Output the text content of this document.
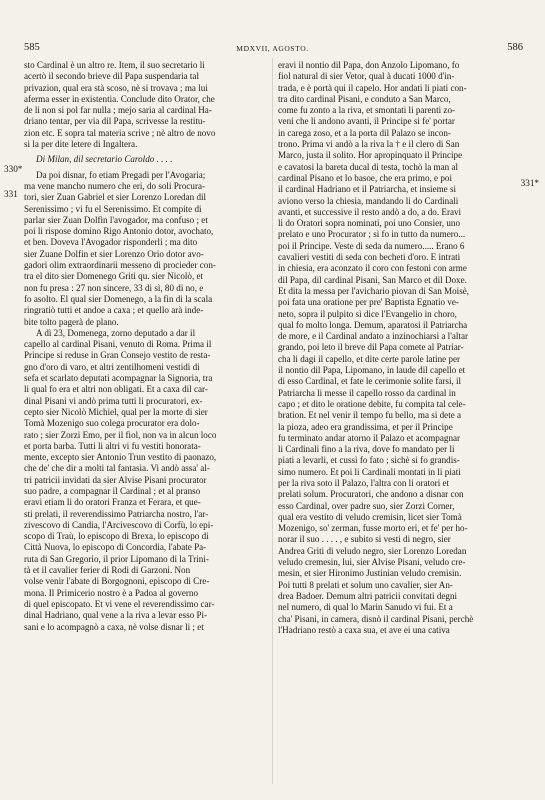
585	MDXVII, AGOSTO.	586
330*
331
331*
sto Cardinal è un altro re. Item, il suo secretario li
acertò il secondo brieve dil Papa suspendaria tal
privazion, qual era stà scoso, nè si trovava ; ma lui
aferma esser in existentia. Conclude dito Orator, che
de li non si pol far nulla ; mejo saria al cardinal Ha-
driano tentar, per via dil Papa, scrivesse la restitu-
zion etc. E sopra tal materia scrive ; nè altro de novo
si la per dite letere di Ingaltera.
Di Milan, dil secretario Caroldo . . . .
Da poi disnar, fo etiam Pregadi per l'Avogaria;
ma vene mancho numero che eri, do soli Procura-
tori, sier Zuan Gabriel et sier Lorenzo Loredan dil
Serenissimo ; vi fu el Serenissimo. Et compite di
parlar sier Zuan Dolfin l'avogador, ma confuso ; et
poi li rispose domino Rigo Antonio dotor, avochato,
et ben. Doveva l'Avogador risponderli ; ma dito
sier Zuane Dolfin et sier Lorenzo Orio dotor avo-
gadori olim extraordinarii messeno di procieder con-
tra el dito sier Domenego Griti qu. sier Nicolò, et
non fu presa : 27 non sincere, 33 di sì, 80 di no, e
fo asolto. El qual sier Domenego, a la fin di la scala
ringratiò tutti et andoe a caxa ; et quello arà inde-
bite tolto pagerà de plano.
A dì 23, Domenega, zorno deputado a dar il
capello al cardinal Pisani, venuto di Roma. Prima il
Principe si reduse in Gran Consejo vestito de resta-
gno d'oro di varo, et altri zentilhomeni vestidi di
sefa et scarlato deputati acompagnar la Signoria, tra
li qual fo era et altri non obligati. Et a caxa dil car-
dinal Pisani vi andò prima tutti li procuratori, ex-
cepto sier Nicolò Michiel, qual per la morte di sier
Tomà Mozenigo suo colega procurator era dolo-
rato ; sier Zorzi Emo, per il fiol, non va in alcun loco
et porta barba. Tutti li altri vi fu vestiti honorata-
mente, excepto sier Antonio Trun vestito di paonazo,
che de' che dir a molti tal fantasia. Vi andò assa' al-
tri patricii invidati da sier Alvise Pisani procurator
suo padre, a compagnar il Cardinal ; et al pranso
eravi etiam li do oratori Franza et Ferara, et que-
sti prelati, il reverendissimo Patriarcha nostro, l'ar-
zivescovo di Candia, l'Arcivescovo di Corfù, lo epi-
scopo di Traù, lo episcopo di Brexa, lo episcopo di
Città Nuova, lo episcopo di Concordia, l'abate Pa-
ruta di San Gregorio, il prior Lipomano di la Trini-
tà et il cavalier ferier di Rodi di Garzoni. Non
volse venir l'abate di Borgognoni, episcopo di Cre-
mona. Il Primicerio nostro è a Padoa al governo
di quel episcopato. Et vi vene el reverendissimo car-
dinal Hadriano, qual vene a la riva a levar esso Pi-
sani e lo acompagnò a caxa, nè volse disnar li ; et
eravi il nontio dil Papa, don Anzolo Lipomano, fo
fiol natural di sier Vetor, qual à ducati 1000 d'in-
trada, e è portà qui il capelo. Hor andati li piati con-
tra dito cardinal Pisani, e conduto a San Marco,
come fu zonto a la riva, et smontati li parenti zo-
veni che li andono avanti, il Principe si fe' portar
in carega zoso, et a la porta dil Palazo se incon-
trono. Prima vi andò a la riva la † e il clero di San
Marco, justa il solito. Hor apropinquato il Principe
e cavatosi la bareta ducal di testa, tochò la man al
cardinal Pisano et lo basoe, che era primo, e poi
il cardinal Hadriano et il Patriarcha, et insieme si
aviono verso la chiesia, mandando li do Cardinali
avanti, et successive il resto andò a do, a do. Eravi
li do Oratori sopra nominati, poi uno Consier, uno
prelato e uno Procurator ; sì fo in tutto da numero...
poi il Principe. Veste di seda da numero..... Erano 6
cavalieri vestiti di seda con becheti d'oro. E intrati
in chiesia, era aconzato il coro con festoni con arme
dil Papa, dil cardinal Pisani, San Marco et dil Doxe.
Et dita la messa per l'avichario piovan di San Moisè,
poi fata una oratione per pre' Baptista Egnatio ve-
neto, sopra il pulpito sì dice l'Evangelio in choro,
qual fo molto longa. Demum, aparatosi il Patriarcha
de more, e il Cardinal andato a inzinochiarsi a l'altar
grando, poi leto il breve dil Papa comete al Patriar-
cha li dagi il capello, et dite certe parole latine per
il nontio dil Papa, Lipomano, in laude dil capello et
di esso Cardinal, et fate le cerimonie solite farsi, il
Patriarcha li messe il capello rosso da cardinal in
capo ; et dito le oratione debite, fu compita tal cele-
bration. Et nel venir il tempo fu bello, ma si dete a
la pioza, adeo era grandissima, et per il Principe
fu terminato andar atorno il Palazo et acompagnar
li Cardinali fino a la riva, dove fo mandato per li
piati a levarli, et cussì fo fato ; sichè si fo grandis-
simo numero. Et poi li Cardinali montati in li piati
per la riva soto il Palazo, l'altra con li oratori et
prelati solum. Procuratori, che andono a disnar con
esso Cardinal, over padre suo, sier Zorzi Corner,
qual era vestito di veludo cremisin, licet sier Tomà
Mozenigo, so' zerman, fusse morto eri, et fe' per ho-
norar il suo . . . . , e subito si vesti di negro, sier
Andrea Griti di veludo negro, sier Lorenzo Loredan
veludo cremesin, lui, sier Alvise Pisani, veludo cre-
mesin, et sier Hironimo Justinian veludo cremisin.
Poi tutti 8 prelati et solum uno cavalier, sier An-
drea Badoer. Demum altri patricii convitati degni
nel numero, di qual lo Marin Sanudo vi fui. Et a
cha' Pisani, in camera, disnò il cardinal Pisani, perchè
l'Hadriano restò a caxa sua, et ave ei una cativa
